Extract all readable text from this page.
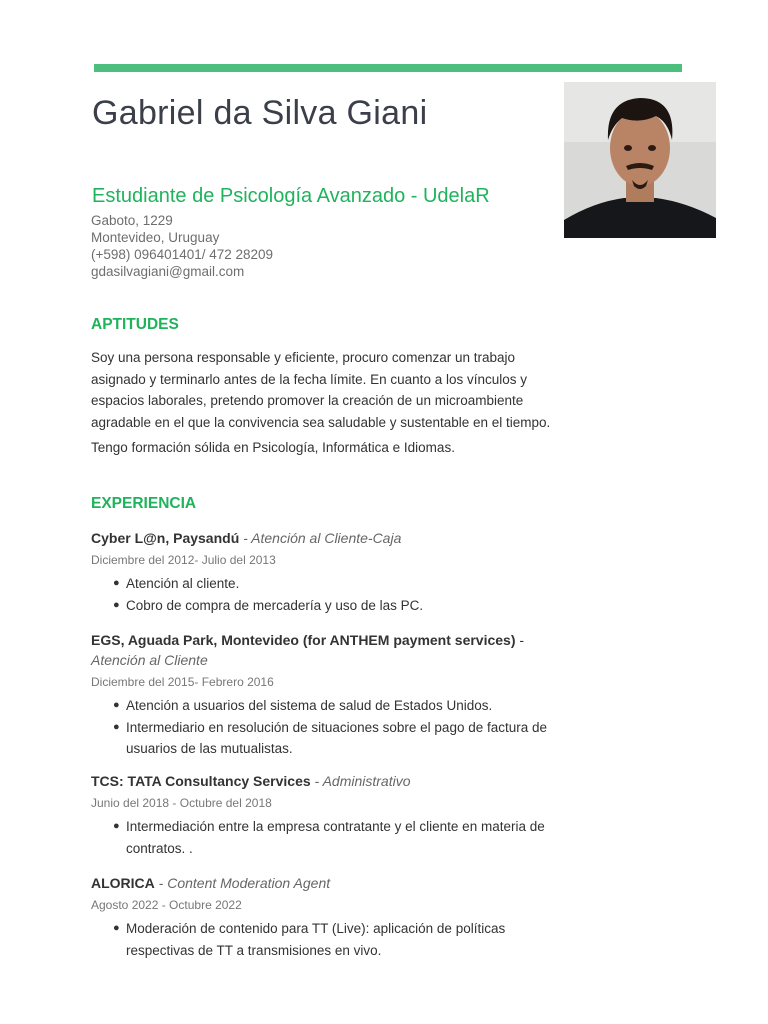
Gabriel da Silva Giani
Estudiante de Psicología Avanzado - UdelaR
Gaboto, 1229
Montevideo, Uruguay
(+598) 096401401/ 472 28209
gdasilvagiani@gmail.com
APTITUDES
Soy una persona responsable y eficiente, procuro comenzar un trabajo asignado y terminarlo antes de la fecha límite. En cuanto a los vínculos y espacios laborales, pretendo promover la creación de un microambiente agradable en el que la convivencia sea saludable y sustentable en el tiempo.
Tengo formación sólida en Psicología, Informática e Idiomas.
EXPERIENCIA
Cyber L@n, Paysandú - Atención al Cliente-Caja
Diciembre del 2012- Julio del 2013
● Atención al cliente.
● Cobro de compra de mercadería y uso de las PC.
EGS, Aguada Park, Montevideo (for ANTHEM payment services) -
Atención al Cliente
Diciembre del 2015- Febrero 2016
● Atención a usuarios del sistema de salud de Estados Unidos.
● Intermediario en resolución de situaciones sobre el pago de factura de usuarios de las mutualistas.
TCS: TATA Consultancy Services - Administrativo
Junio del 2018 - Octubre del 2018
● Intermediación entre la empresa contratante y el cliente en materia de contratos. .
ALORICA - Content Moderation Agent
Agosto 2022 - Octubre 2022
● Moderación de contenido para TT (Live): aplicación de políticas respectivas de TT a transmisiones en vivo.
